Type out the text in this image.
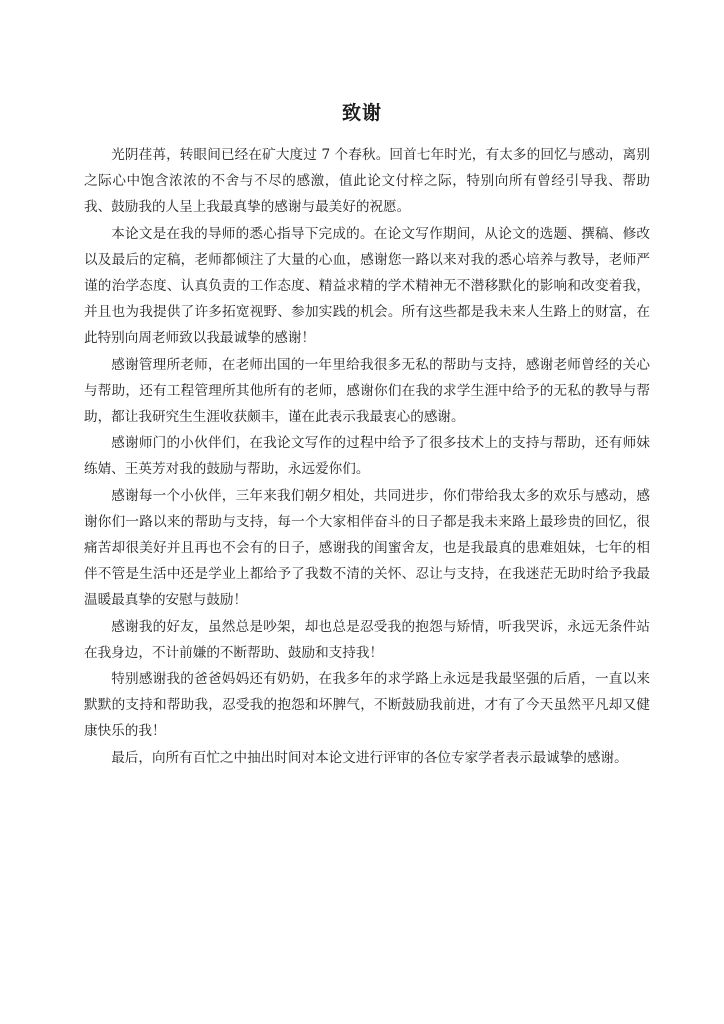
致谢

光阴荏苒，转眼间已经在矿大度过 7 个春秋。回首七年时光，有太多的回忆与感动，离别之际心中饱含浓浓的不舍与不尽的感激，值此论文付梓之际，特别向所有曾经引导我、帮助我、鼓励我的人呈上我最真挚的感谢与最美好的祝愿。

本论文是在我的导师的悉心指导下完成的。在论文写作期间，从论文的选题、撰稿、修改以及最后的定稿，老师都倾注了大量的心血，感谢您一路以来对我的悉心培养与教导，老师严谨的治学态度、认真负责的工作态度、精益求精的学术精神无不潜移默化的影响和改变着我，并且也为我提供了许多拓宽视野、参加实践的机会。所有这些都是我未来人生路上的财富，在此特别向周老师致以我最诚挚的感谢！

感谢管理所老师，在老师出国的一年里给我很多无私的帮助与支持，感谢老师曾经的关心与帮助，还有工程管理所其他所有的老师，感谢你们在我的求学生涯中给予的无私的教导与帮助，都让我研究生生涯收获颇丰，谨在此表示我最衷心的感谢。

感谢师门的小伙伴们，在我论文写作的过程中给予了很多技术上的支持与帮助，还有师妹练婧、王英芳对我的鼓励与帮助，永远爱你们。

感谢每一个小伙伴，三年来我们朝夕相处，共同进步，你们带给我太多的欢乐与感动，感谢你们一路以来的帮助与支持，每一个大家相伴奋斗的日子都是我未来路上最珍贵的回忆，很痛苦却很美好并且再也不会有的日子，感谢我的闺蜜舍友，也是我最真的患难姐妹，七年的相伴不管是生活中还是学业上都给予了我数不清的关怀、忍让与支持，在我迷茫无助时给予我最温暖最真挚的安慰与鼓励！

感谢我的好友，虽然总是吵架，却也总是忍受我的抱怨与矫情，听我哭诉，永远无条件站在我身边，不计前嫌的不断帮助、鼓励和支持我！

特别感谢我的爸爸妈妈还有奶奶，在我多年的求学路上永远是我最坚强的后盾，一直以来默默的支持和帮助我，忍受我的抱怨和坏脾气，不断鼓励我前进，才有了今天虽然平凡却又健康快乐的我！

最后，向所有百忙之中抽出时间对本论文进行评审的各位专家学者表示最诚挚的感谢。
